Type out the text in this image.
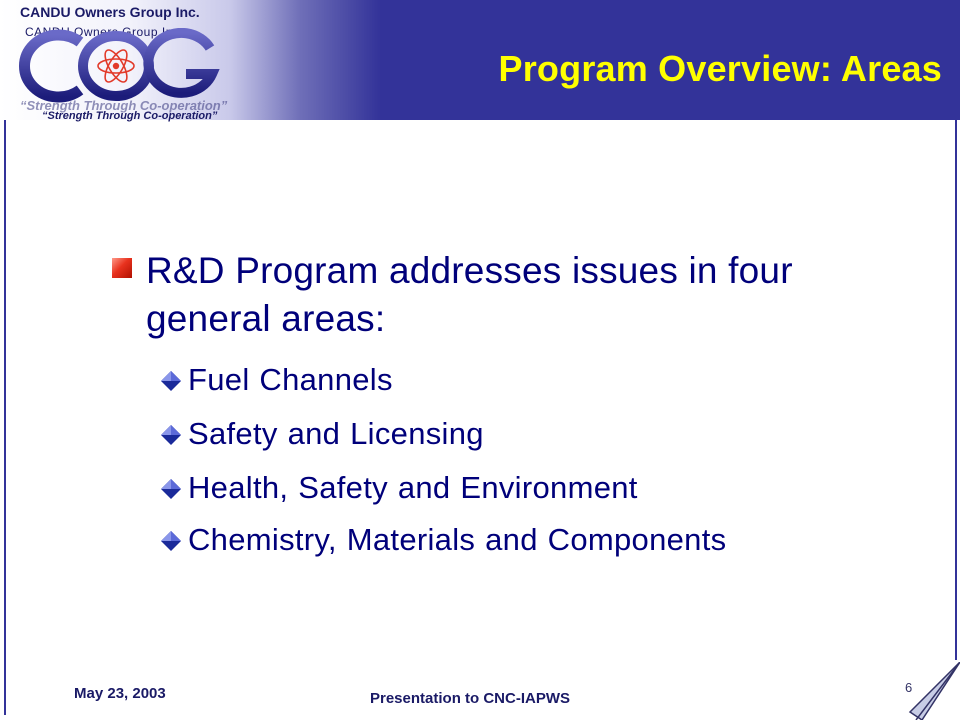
CANDU Owners Group Inc.
CANDU Owners Group Inc.
“Strength Through Co-operation”
“Strength Through Co-operation”
Program Overview: Areas
R&D Program addresses issues in four general areas:
Fuel Channels
Safety and Licensing
Health, Safety and Environment
Chemistry, Materials and Components
May 23, 2003	Presentation to CNC-IAPWS
6
